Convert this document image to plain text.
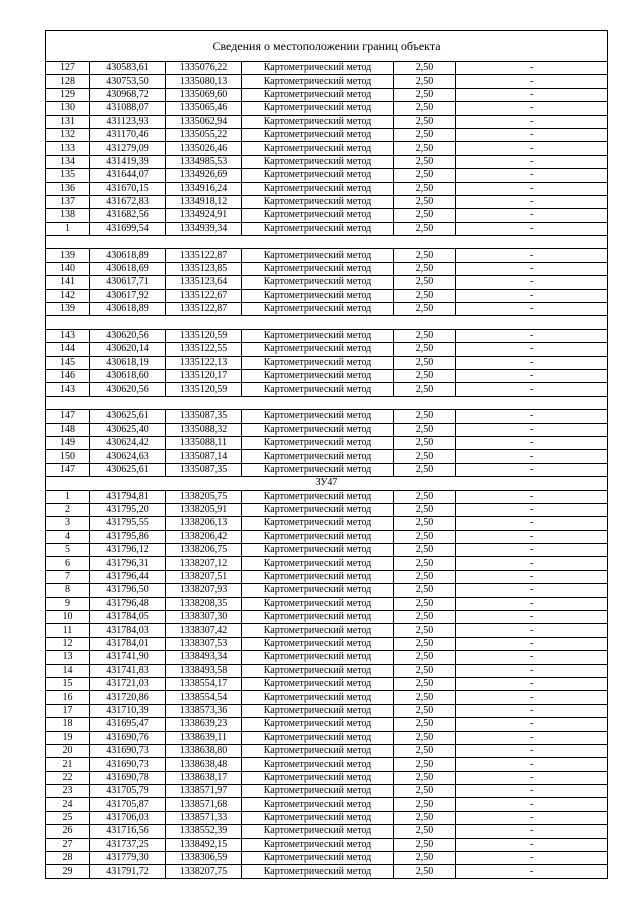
Сведения о местоположении границ объекта					
127	430583,61	1335076,22	Картометрический метод	2,50	-
128	430753,50	1335080,13	Картометрический метод	2,50	-
129	430968,72	1335069,60	Картометрический метод	2,50	-
130	431088,07	1335065,46	Картометрический метод	2,50	-
131	431123,93	1335062,94	Картометрический метод	2,50	-
132	431170,46	1335055,22	Картометрический метод	2,50	-
133	431279,09	1335026,46	Картометрический метод	2,50	-
134	431419,39	1334985,53	Картометрический метод	2,50	-
135	431644,07	1334926,69	Картометрический метод	2,50	-
136	431670,15	1334916,24	Картометрический метод	2,50	-
137	431672,83	1334918,12	Картометрический метод	2,50	-
138	431682,56	1334924,91	Картометрический метод	2,50	-
1	431699,54	1334939,34	Картометрический метод	2,50	-

139	430618,89	1335122,87	Картометрический метод	2,50	-
140	430618,69	1335123,85	Картометрический метод	2,50	-
141	430617,71	1335123,64	Картометрический метод	2,50	-
142	430617,92	1335122,67	Картометрический метод	2,50	-
139	430618,89	1335122,87	Картометрический метод	2,50	-

143	430620,56	1335120,59	Картометрический метод	2,50	-
144	430620,14	1335122,55	Картометрический метод	2,50	-
145	430618,19	1335122,13	Картометрический метод	2,50	-
146	430618,60	1335120,17	Картометрический метод	2,50	-
143	430620,56	1335120,59	Картометрический метод	2,50	-

147	430625,61	1335087,35	Картометрический метод	2,50	-
148	430625,40	1335088,32	Картометрический метод	2,50	-
149	430624,42	1335088,11	Картометрический метод	2,50	-
150	430624,63	1335087,14	Картометрический метод	2,50	-
147	430625,61	1335087,35	Картометрический метод	2,50	-
ЗУ47					
1	431794,81	1338205,75	Картометрический метод	2,50	-
2	431795,20	1338205,91	Картометрический метод	2,50	-
3	431795,55	1338206,13	Картометрический метод	2,50	-
4	431795,86	1338206,42	Картометрический метод	2,50	-
5	431796,12	1338206,75	Картометрический метод	2,50	-
6	431796,31	1338207,12	Картометрический метод	2,50	-
7	431796,44	1338207,51	Картометрический метод	2,50	-
8	431796,50	1338207,93	Картометрический метод	2,50	-
9	431796,48	1338208,35	Картометрический метод	2,50	-
10	431784,05	1338307,30	Картометрический метод	2,50	-
11	431784,03	1338307,42	Картометрический метод	2,50	-
12	431784,01	1338307,53	Картометрический метод	2,50	-
13	431741,90	1338493,34	Картометрический метод	2,50	-
14	431741,83	1338493,58	Картометрический метод	2,50	-
15	431721,03	1338554,17	Картометрический метод	2,50	-
16	431720,86	1338554,54	Картометрический метод	2,50	-
17	431710,39	1338573,36	Картометрический метод	2,50	-
18	431695,47	1338639,23	Картометрический метод	2,50	-
19	431690,76	1338639,11	Картометрический метод	2,50	-
20	431690,73	1338638,80	Картометрический метод	2,50	-
21	431690,73	1338638,48	Картометрический метод	2,50	-
22	431690,78	1338638,17	Картометрический метод	2,50	-
23	431705,79	1338571,97	Картометрический метод	2,50	-
24	431705,87	1338571,68	Картометрический метод	2,50	-
25	431706,03	1338571,33	Картометрический метод	2,50	-
26	431716,56	1338552,39	Картометрический метод	2,50	-
27	431737,25	1338492,15	Картометрический метод	2,50	-
28	431779,30	1338306,59	Картометрический метод	2,50	-
29	431791,72	1338207,75	Картометрический метод	2,50	-
